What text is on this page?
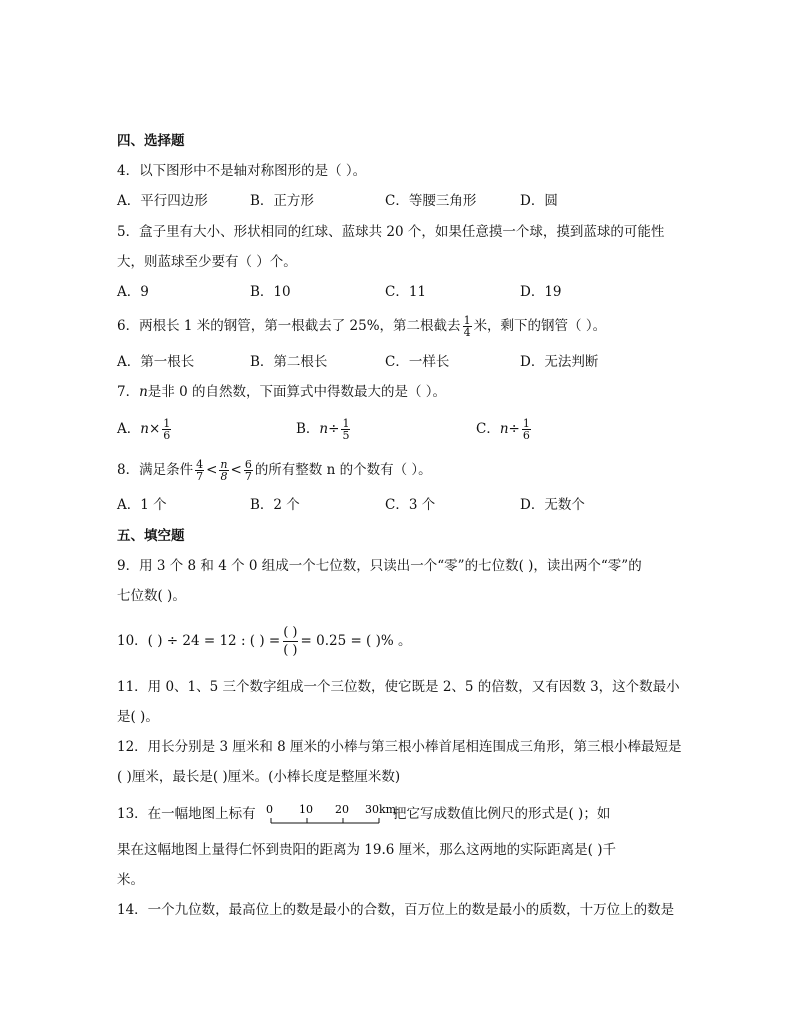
四、选择题
4．以下图形中不是轴对称图形的是（ ）。
A．平行四边形	B．正方形	C．等腰三角形	D．圆
5．盒子里有大小、形状相同的红球、蓝球共 20 个，如果任意摸一个球，摸到蓝球的可能性
大，则蓝球至少要有（ ）个。
A．9	B．10	C．11	D．19
6．两根长 1 米的钢管，第一根截去了 25%，第二根截去 $\frac{1}{4}$ 米，剩下的钢管（ ）。
A．第一根长	B．第二根长	C．一样长	D．无法判断
7．n是非 0 的自然数，下面算式中得数最大的是（ ）。
A．$n\times \frac{1}{6}$	B．$n\div \frac{1}{5}$	C．$n\div \frac{1}{6}$
8．满足条件 $\frac{4}{7} < \frac{n}{8} < \frac{6}{7}$ 的所有整数 n 的个数有（ ）。
A．1 个	B．2 个	C．3 个	D．无数个
五、填空题
9．用 3 个 8 和 4 个 0 组成一个七位数，只读出一个“零”的七位数( )，读出两个“零”的
七位数( )。
10．( ) ÷ 24 = 12 : ( ) = $\frac{( )}{( )} = 0.25$ = ( )% 。
11．用 0、1、5 三个数字组成一个三位数，使它既是 2、5 的倍数，又有因数 3，这个数最小
是( )。
12．用长分别是 3 厘米和 8 厘米的小棒与第三根小棒首尾相连围成三角形，第三根小棒最短是
( )厘米，最长是( )厘米。(小棒长度是整厘米数)
13．在一幅地图上标有 0 10 20 30km
把它写成数值比例尺的形式是( )；如
果在这幅地图上量得仁怀到贵阳的距离为 19.6 厘米，那么这两地的实际距离是( )千
米。
14．一个九位数，最高位上的数是最小的合数，百万位上的数是最小的质数，十万位上的数是
